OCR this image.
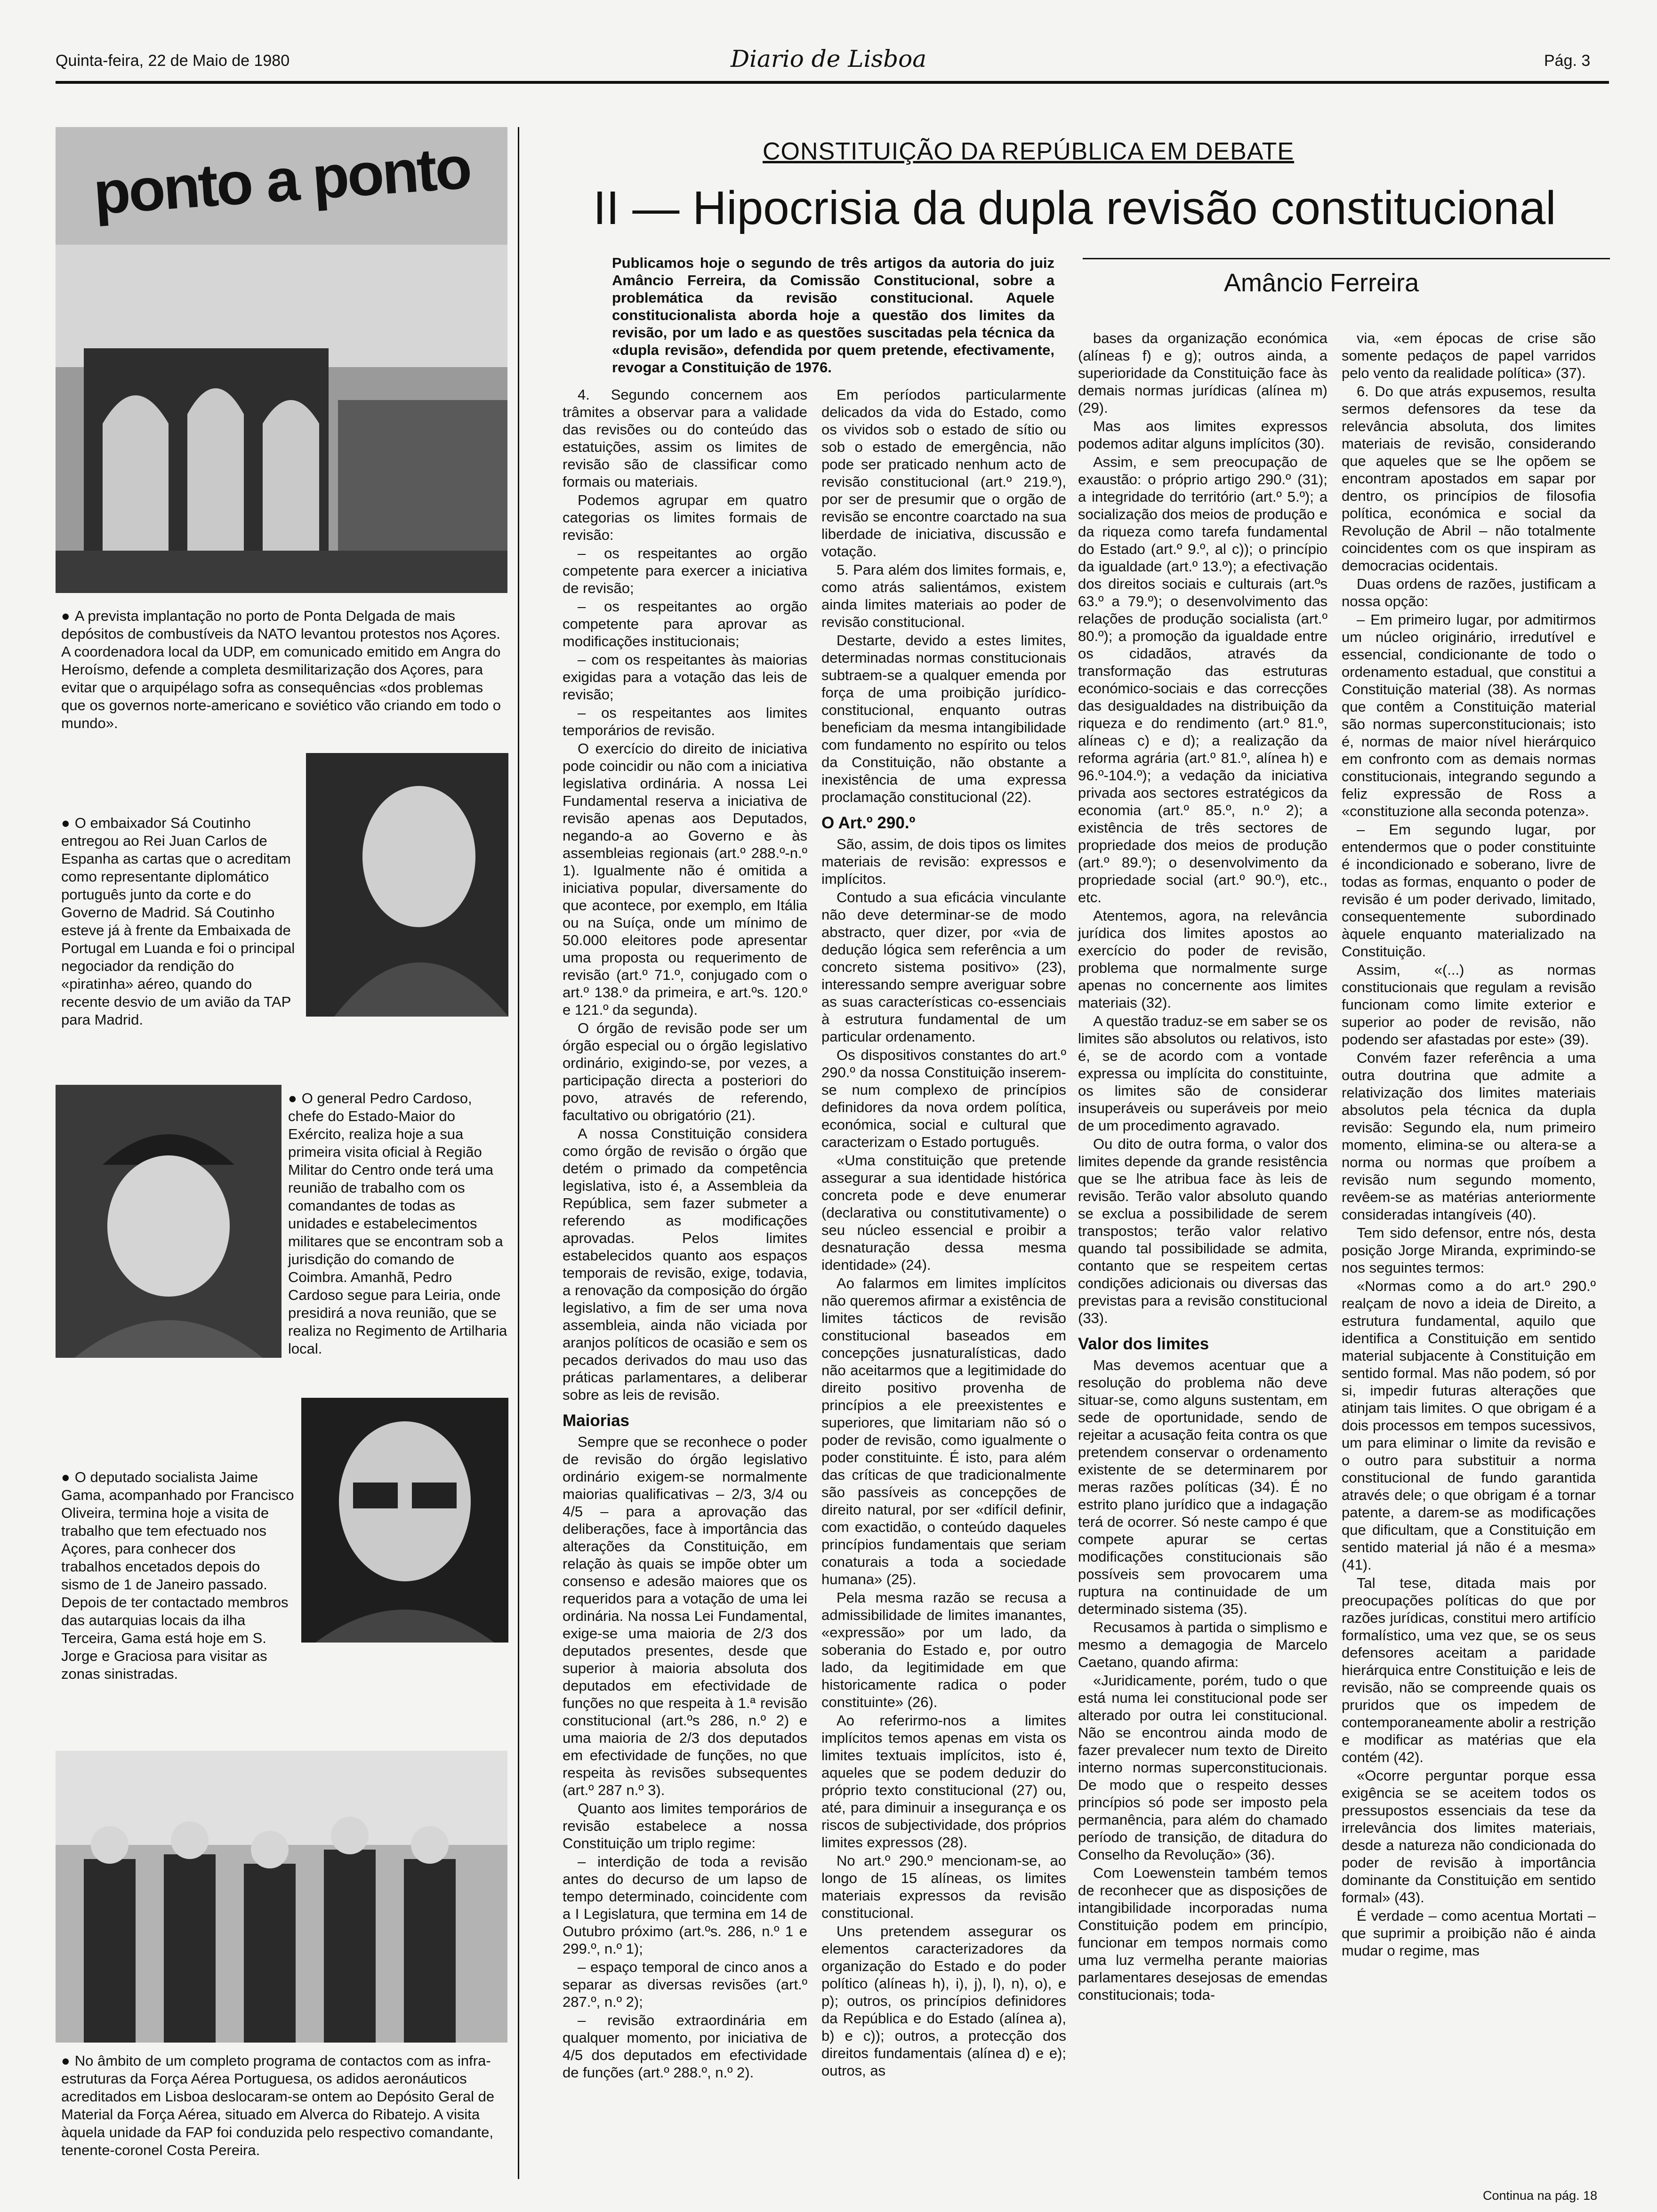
Quinta-feira, 22 de Maio de 1980	Diario de Lisboa	Pág. 3
ponto a ponto
● A prevista implantação no porto de Ponta Delgada de mais depósitos de combustíveis da NATO levantou protestos nos Açores. A coordenadora local da UDP, em comunicado emitido em Angra do Heroísmo, defende a completa desmilitarização dos Açores, para evitar que o arquipélago sofra as consequências «dos problemas que os governos norte-americano e soviético vão criando em todo o mundo».
● O embaixador Sá Coutinho entregou ao Rei Juan Carlos de Espanha as cartas que o acreditam como representante diplomático português junto da corte e do Governo de Madrid. Sá Coutinho esteve já à frente da Embaixada de Portugal em Luanda e foi o principal negociador da rendição do «piratinha» aéreo, quando do recente desvio de um avião da TAP para Madrid.
● O general Pedro Cardoso, chefe do Estado-Maior do Exército, realiza hoje a sua primeira visita oficial à Região Militar do Centro onde terá uma reunião de trabalho com os comandantes de todas as unidades e estabelecimentos militares que se encontram sob a jurisdição do comando de Coimbra. Amanhã, Pedro Cardoso segue para Leiria, onde presidirá a nova reunião, que se realiza no Regimento de Artilharia local.
● O deputado socialista Jaime Gama, acompanhado por Francisco Oliveira, termina hoje a visita de trabalho que tem efectuado nos Açores, para conhecer dos trabalhos encetados depois do sismo de 1 de Janeiro passado. Depois de ter contactado membros das autarquias locais da ilha Terceira, Gama está hoje em S. Jorge e Graciosa para visitar as zonas sinistradas.
● No âmbito de um completo programa de contactos com as infra-estruturas da Força Aérea Portuguesa, os adidos aeronáuticos acreditados em Lisboa deslocaram-se ontem ao Depósito Geral de Material da Força Aérea, situado em Alverca do Ribatejo. A visita àquela unidade da FAP foi conduzida pelo respectivo comandante, tenente-coronel Costa Pereira.
CONSTITUIÇÃO DA REPÚBLICA EM DEBATE
II — Hipocrisia da dupla revisão constitucional
Publicamos hoje o segundo de três artigos da autoria do juiz Amâncio Ferreira, da Comissão Constitucional, sobre a problemática da revisão constitucional. Aquele constitucionalista aborda hoje a questão dos limites da revisão, por um lado e as questões suscitadas pela técnica da «dupla revisão», defendida por quem pretende, efectivamente, revogar a Constituição de 1976.
Amâncio Ferreira

4. Segundo concernem aos trâmites a observar para a validade das revisões ou do conteúdo das estatuições, assim os limites de revisão são de classificar como formais ou materiais.

Podemos agrupar em quatro categorias os limites formais de revisão:

– os respeitantes ao orgão competente para exercer a iniciativa de revisão;

– os respeitantes ao orgão competente para aprovar as modificações institucionais;

– com os respeitantes às maiorias exigidas para a votação das leis de revisão;

– os respeitantes aos limites temporários de revisão.

O exercício do direito de iniciativa pode coincidir ou não com a iniciativa legislativa ordinária. A nossa Lei Fundamental reserva a iniciativa de revisão apenas aos Deputados, negando-a ao Governo e às assembleias regionais (art.º 288.º-n.º 1). Igualmente não é omitida a iniciativa popular, diversamente do que acontece, por exemplo, em Itália ou na Suíça, onde um mínimo de 50.000 eleitores pode apresentar uma proposta ou requerimento de revisão (art.º 71.º, conjugado com o art.º 138.º da primeira, e art.ºs. 120.º e 121.º da segunda).

O órgão de revisão pode ser um órgão especial ou o órgão legislativo ordinário, exigindo-se, por vezes, a participação directa a posteriori do povo, através de referendo, facultativo ou obrigatório (21).

A nossa Constituição considera como órgão de revisão o órgão que detém o primado da competência legislativa, isto é, a Assembleia da República, sem fazer submeter a referendo as modificações aprovadas. Pelos limites estabelecidos quanto aos espaços temporais de revisão, exige, todavia, a renovação da composição do órgão legislativo, a fim de ser uma nova assembleia, ainda não viciada por aranjos políticos de ocasião e sem os pecados derivados do mau uso das práticas parlamentares, a deliberar sobre as leis de revisão.

Maiorias

Sempre que se reconhece o poder de revisão do órgão legislativo ordinário exigem-se normalmente maiorias qualificativas – 2/3, 3/4 ou 4/5 – para a aprovação das deliberações, face à importância das alterações da Constituição, em relação às quais se impõe obter um consenso e adesão maiores que os requeridos para a votação de uma lei ordinária. Na nossa Lei Fundamental, exige-se uma maioria de 2/3 dos deputados presentes, desde que superior à maioria absoluta dos deputados em efectividade de funções no que respeita à 1.ª revisão constitucional (art.ºs 286, n.º 2) e uma maioria de 2/3 dos deputados em efectividade de funções, no que respeita às revisões subsequentes (art.º 287 n.º 3).

Quanto aos limites temporários de revisão estabelece a nossa Constituição um triplo regime:

– interdição de toda a revisão antes do decurso de um lapso de tempo determinado, coincidente com a I Legislatura, que termina em 14 de Outubro próximo (art.ºs. 286, n.º 1 e 299.º, n.º 1);

– espaço temporal de cinco anos a separar as diversas revisões (art.º 287.º, n.º 2);

– revisão extraordinária em qualquer momento, por iniciativa de 4/5 dos deputados em efectividade de funções (art.º 288.º, n.º 2).

Em períodos particularmente delicados da vida do Estado, como os vividos sob o estado de sítio ou sob o estado de emergência, não pode ser praticado nenhum acto de revisão constitucional (art.º 219.º), por ser de presumir que o orgão de revisão se encontre coarctado na sua liberdade de iniciativa, discussão e votação.

5. Para além dos limites formais, e, como atrás salientámos, existem ainda limites materiais ao poder de revisão constitucional.

Destarte, devido a estes limites, determinadas normas constitucionais subtraem-se a qualquer emenda por força de uma proibição jurídico-constitucional, enquanto outras beneficiam da mesma intangibilidade com fundamento no espírito ou telos da Constituição, não obstante a inexistência de uma expressa proclamação constitucional (22).

O Art.º 290.º

São, assim, de dois tipos os limites materiais de revisão: expressos e implícitos.

Contudo a sua eficácia vinculante não deve determinar-se de modo abstracto, quer dizer, por «via de dedução lógica sem referência a um concreto sistema positivo» (23), interessando sempre averiguar sobre as suas características co-essenciais à estrutura fundamental de um particular ordenamento.

Os dispositivos constantes do art.º 290.º da nossa Constituição inserem-se num complexo de princípios definidores da nova ordem política, económica, social e cultural que caracterizam o Estado português.

«Uma constituição que pretende assegurar a sua identidade histórica concreta pode e deve enumerar (declarativa ou constitutivamente) o seu núcleo essencial e proibir a desnaturação dessa mesma identidade» (24).

Ao falarmos em limites implícitos não queremos afirmar a existência de limites tácticos de revisão constitucional baseados em concepções jusnaturalísticas, dado não aceitarmos que a legitimidade do direito positivo provenha de princípios a ele preexistentes e superiores, que limitariam não só o poder de revisão, como igualmente o poder constituinte. É isto, para além das críticas de que tradicionalmente são passíveis as concepções de direito natural, por ser «difícil definir, com exactidão, o conteúdo daqueles princípios fundamentais que seriam conaturais a toda a sociedade humana» (25).

Pela mesma razão se recusa a admissibilidade de limites imanantes, «expressão» por um lado, da soberania do Estado e, por outro lado, da legitimidade em que historicamente radica o poder constituinte» (26).

Ao referirmo-nos a limites implícitos temos apenas em vista os limites textuais implícitos, isto é, aqueles que se podem deduzir do próprio texto constitucional (27) ou, até, para diminuir a insegurança e os riscos de subjectividade, dos próprios limites expressos (28).

No art.º 290.º mencionam-se, ao longo de 15 alíneas, os limites materiais expressos da revisão constitucional.

Uns pretendem assegurar os elementos caracterizadores da organização do Estado e do poder político (alíneas h), i), j), l), n), o), e p); outros, os princípios definidores da República e do Estado (alínea a), b) e c)); outros, a protecção dos direitos fundamentais (alínea d) e e); outros, as

bases da organização económica (alíneas f) e g); outros ainda, a superioridade da Constituição face às demais normas jurídicas (alínea m) (29).

Mas aos limites expressos podemos aditar alguns implícitos (30).

Assim, e sem preocupação de exaustão: o próprio artigo 290.º (31); a integridade do território (art.º 5.º); a socialização dos meios de produção e da riqueza como tarefa fundamental do Estado (art.º 9.º, al c)); o princípio da igualdade (art.º 13.º); a efectivação dos direitos sociais e culturais (art.ºs 63.º a 79.º); o desenvolvimento das relações de produção socialista (art.º 80.º); a promoção da igualdade entre os cidadãos, através da transformação das estruturas económico-sociais e das correcções das desigualdades na distribuição da riqueza e do rendimento (art.º 81.º, alíneas c) e d); a realização da reforma agrária (art.º 81.º, alínea h) e 96.º-104.º); a vedação da iniciativa privada aos sectores estratégicos da economia (art.º 85.º, n.º 2); a existência de três sectores de propriedade dos meios de produção (art.º 89.º); o desenvolvimento da propriedade social (art.º 90.º), etc., etc.

Atentemos, agora, na relevância jurídica dos limites apostos ao exercício do poder de revisão, problema que normalmente surge apenas no concernente aos limites materiais (32).

A questão traduz-se em saber se os limites são absolutos ou relativos, isto é, se de acordo com a vontade expressa ou implícita do constituinte, os limites são de considerar insuperáveis ou superáveis por meio de um procedimento agravado.

Ou dito de outra forma, o valor dos limites depende da grande resistência que se lhe atribua face às leis de revisão. Terão valor absoluto quando se exclua a possibilidade de serem transpostos; terão valor relativo quando tal possibilidade se admita, contanto que se respeitem certas condições adicionais ou diversas das previstas para a revisão constitucional (33).

Valor dos limites

Mas devemos acentuar que a resolução do problema não deve situar-se, como alguns sustentam, em sede de oportunidade, sendo de rejeitar a acusação feita contra os que pretendem conservar o ordenamento existente de se determinarem por meras razões políticas (34). É no estrito plano jurídico que a indagação terá de ocorrer. Só neste campo é que compete apurar se certas modificações constitucionais são possíveis sem provocarem uma ruptura na continuidade de um determinado sistema (35).

Recusamos à partida o simplismo e mesmo a demagogia de Marcelo Caetano, quando afirma:

«Juridicamente, porém, tudo o que está numa lei constitucional pode ser alterado por outra lei constitucional. Não se encontrou ainda modo de fazer prevalecer num texto de Direito interno normas superconstitucionais. De modo que o respeito desses princípios só pode ser imposto pela permanência, para além do chamado período de transição, de ditadura do Conselho da Revolução» (36).

Com Loewenstein também temos de reconhecer que as disposições de intangibilidade incorporadas numa Constituição podem em princípio, funcionar em tempos normais como uma luz vermelha perante maiorias parlamentares desejosas de emendas constitucionais; toda-

via, «em épocas de crise são somente pedaços de papel varridos pelo vento da realidade política» (37).

6. Do que atrás expusemos, resulta sermos defensores da tese da relevância absoluta, dos limites materiais de revisão, considerando que aqueles que se lhe opõem se encontram apostados em sapar por dentro, os princípios de filosofia política, económica e social da Revolução de Abril – não totalmente coincidentes com os que inspiram as democracias ocidentais.

Duas ordens de razões, justificam a nossa opção:

– Em primeiro lugar, por admitirmos um núcleo originário, irredutível e essencial, condicionante de todo o ordenamento estadual, que constitui a Constituição material (38). As normas que contêm a Constituição material são normas superconstitucionais; isto é, normas de maior nível hierárquico em confronto com as demais normas constitucionais, integrando segundo a feliz expressão de Ross a «constituzione alla seconda potenza».

– Em segundo lugar, por entendermos que o poder constituinte é incondicionado e soberano, livre de todas as formas, enquanto o poder de revisão é um poder derivado, limitado, consequentemente subordinado àquele enquanto materializado na Constituição.

Assim, «(...) as normas constitucionais que regulam a revisão funcionam como limite exterior e superior ao poder de revisão, não podendo ser afastadas por este» (39).

Convém fazer referência a uma outra doutrina que admite a relativização dos limites materiais absolutos pela técnica da dupla revisão: Segundo ela, num primeiro momento, elimina-se ou altera-se a norma ou normas que proíbem a revisão num segundo momento, revêem-se as matérias anteriormente consideradas intangíveis (40).

Tem sido defensor, entre nós, desta posição Jorge Miranda, exprimindo-se nos seguintes termos:

«Normas como a do art.º 290.º realçam de novo a ideia de Direito, a estrutura fundamental, aquilo que identifica a Constituição em sentido material subjacente à Constituição em sentido formal. Mas não podem, só por si, impedir futuras alterações que atinjam tais limites. O que obrigam é a dois processos em tempos sucessivos, um para eliminar o limite da revisão e o outro para substituir a norma constitucional de fundo garantida através dele; o que obrigam é a tornar patente, a darem-se as modificações que dificultam, que a Constituição em sentido material já não é a mesma» (41).

Tal tese, ditada mais por preocupações políticas do que por razões jurídicas, constitui mero artifício formalístico, uma vez que, se os seus defensores aceitam a paridade hierárquica entre Constituição e leis de revisão, não se compreende quais os pruridos que os impedem de contemporaneamente abolir a restrição e modificar as matérias que ela contém (42).

«Ocorre perguntar porque essa exigência se se aceitem todos os pressupostos essenciais da tese da irrelevância dos limites materiais, desde a natureza não condicionada do poder de revisão à importância dominante da Constituição em sentido formal» (43).

É verdade – como acentua Mortati – que suprimir a proibição não é ainda mudar o regime, mas

Continua na pág. 18
